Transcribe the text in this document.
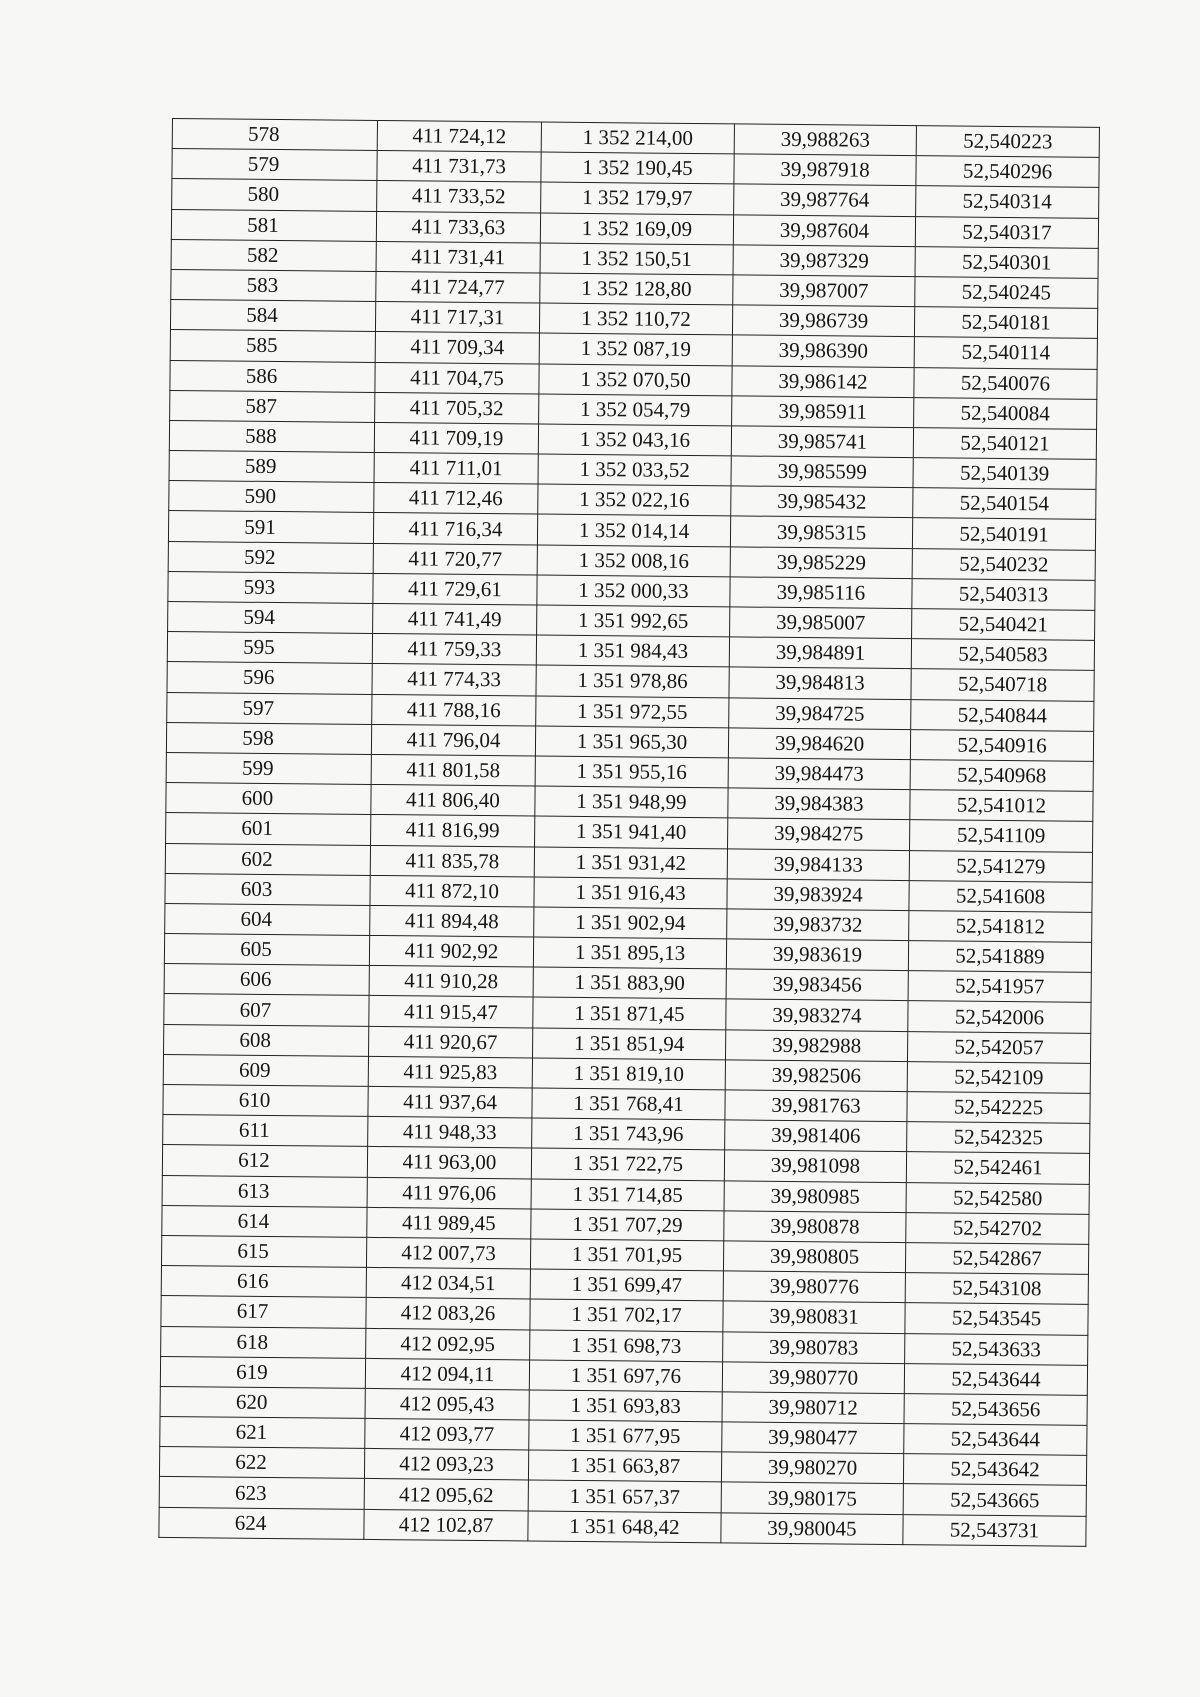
578	411 724,12	1 352 214,00	39,988263	52,540223
579	411 731,73	1 352 190,45	39,987918	52,540296
580	411 733,52	1 352 179,97	39,987764	52,540314
581	411 733,63	1 352 169,09	39,987604	52,540317
582	411 731,41	1 352 150,51	39,987329	52,540301
583	411 724,77	1 352 128,80	39,987007	52,540245
584	411 717,31	1 352 110,72	39,986739	52,540181
585	411 709,34	1 352 087,19	39,986390	52,540114
586	411 704,75	1 352 070,50	39,986142	52,540076
587	411 705,32	1 352 054,79	39,985911	52,540084
588	411 709,19	1 352 043,16	39,985741	52,540121
589	411 711,01	1 352 033,52	39,985599	52,540139
590	411 712,46	1 352 022,16	39,985432	52,540154
591	411 716,34	1 352 014,14	39,985315	52,540191
592	411 720,77	1 352 008,16	39,985229	52,540232
593	411 729,61	1 352 000,33	39,985116	52,540313
594	411 741,49	1 351 992,65	39,985007	52,540421
595	411 759,33	1 351 984,43	39,984891	52,540583
596	411 774,33	1 351 978,86	39,984813	52,540718
597	411 788,16	1 351 972,55	39,984725	52,540844
598	411 796,04	1 351 965,30	39,984620	52,540916
599	411 801,58	1 351 955,16	39,984473	52,540968
600	411 806,40	1 351 948,99	39,984383	52,541012
601	411 816,99	1 351 941,40	39,984275	52,541109
602	411 835,78	1 351 931,42	39,984133	52,541279
603	411 872,10	1 351 916,43	39,983924	52,541608
604	411 894,48	1 351 902,94	39,983732	52,541812
605	411 902,92	1 351 895,13	39,983619	52,541889
606	411 910,28	1 351 883,90	39,983456	52,541957
607	411 915,47	1 351 871,45	39,983274	52,542006
608	411 920,67	1 351 851,94	39,982988	52,542057
609	411 925,83	1 351 819,10	39,982506	52,542109
610	411 937,64	1 351 768,41	39,981763	52,542225
611	411 948,33	1 351 743,96	39,981406	52,542325
612	411 963,00	1 351 722,75	39,981098	52,542461
613	411 976,06	1 351 714,85	39,980985	52,542580
614	411 989,45	1 351 707,29	39,980878	52,542702
615	412 007,73	1 351 701,95	39,980805	52,542867
616	412 034,51	1 351 699,47	39,980776	52,543108
617	412 083,26	1 351 702,17	39,980831	52,543545
618	412 092,95	1 351 698,73	39,980783	52,543633
619	412 094,11	1 351 697,76	39,980770	52,543644
620	412 095,43	1 351 693,83	39,980712	52,543656
621	412 093,77	1 351 677,95	39,980477	52,543644
622	412 093,23	1 351 663,87	39,980270	52,543642
623	412 095,62	1 351 657,37	39,980175	52,543665
624	412 102,87	1 351 648,42	39,980045	52,543731
